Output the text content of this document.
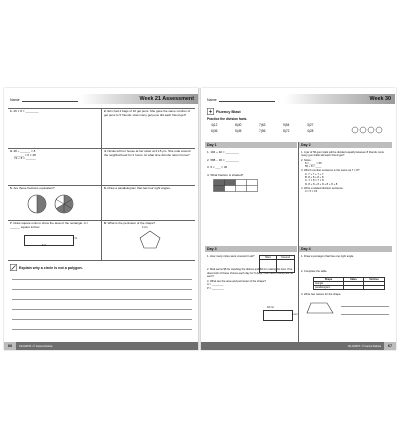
Name	Week 21 Assessment
1.26 × 8 = ________	2.Erin had 4 bags of 10 gel pens. She gave the same number of gel pens to 5 friends. How many gel pens did each friend get?
3.48 ÷ ______ = 8
______ × 6 = 48
72 ÷ 8 = ______
4.Nicole left her house at her sister at 2:15 pm. She rode around the neighborhood for 2 hours. At what time did she return home?
5.Are these fractions equivalent?	6.Draw a parallelogram that has four right angles.
7.Draw square units to show the area of the rectangle. A = ______ square inches
6 in.
2 in.
8.What is the perimeter of the shape?
4 cm
Explain why a circle is not a polygon.
66	CD-104873 • © Carson-Dellosa
Name	Week 30
Fluency Blast
Practice the division facts.
4)12	8)40	7)63	9)54	3)27
6)36	5)45	7)56	8)72	4)28
Day 1
1. 184 + 92 = ________
2. 588 − 36 = ________
3. 9 × ___ = 36
4. What fraction is shaded?
Day 2
1. A jar of 56 gum balls will be divided equally between 8 friends. How many gum balls will each friend get?
2. Solve.
8 × ____ = 56
56 ÷ 8 = ____
3. Which number sentence is the same as 7 × 8?
A. 7 + 7 + 7 + 7
B. 8 + 8 + 8 + 8
C. 7 × 8 × 7 × 8
D. 8 + 8 + 8 + 8 + 8 + 8 + 8
4. Write a related division sentence.
3 × 5 = 15
Day 3
1. How many miles were covered in all?
2. Matt earns $5 for washing the dishes and $3 for making his bed. If he does both of these chores each day for 5 days, how much money will he earn?
3. What are the area and perimeter of the shape?
A = ________
P = ________
Miles	Covered
18 cm
6 cm
Day 4
1. Draw a pentagon that has one right angle.
2. Complete the table.
Shape	Sides	Vertices
triangle
parallelogram
3. Write two names for the shape.
CD-104873 • © Carson-Dellosa	67
